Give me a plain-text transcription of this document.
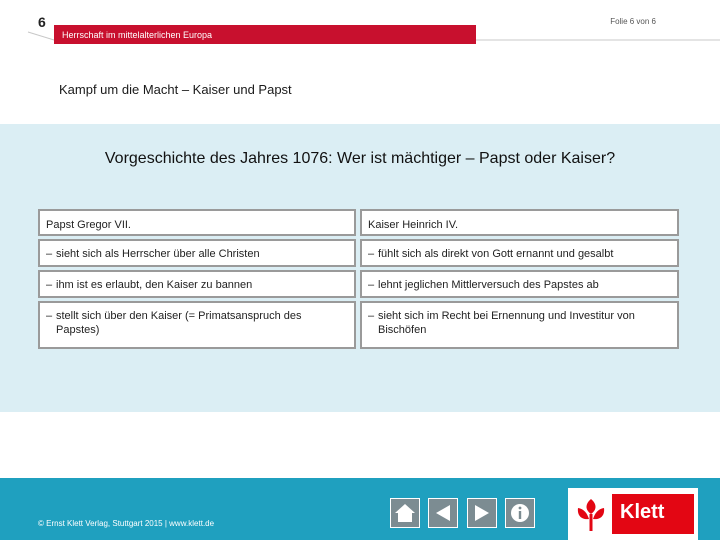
6	Folie 6 von 6
Herrschaft im mittelalterlichen Europa
Kampf um die Macht – Kaiser und Papst
Vorgeschichte des Jahres 1076: Wer ist mächtiger – Papst oder Kaiser?
Papst Gregor VII.
– sieht sich als Herrscher über alle Christen
– ihm ist es erlaubt, den Kaiser zu bannen
– stellt sich über den Kaiser (= Primatsanspruch des
Papstes)
Kaiser Heinrich IV.
– fühlt sich als direkt von Gott ernannt und gesalbt
– lehnt jeglichen Mittlerversuch des Papstes ab
– sieht sich im Recht bei Ernennung und Investitur von
Bischöfen
© Ernst Klett Verlag, Stuttgart 2015 | www.klett.de
Klett
